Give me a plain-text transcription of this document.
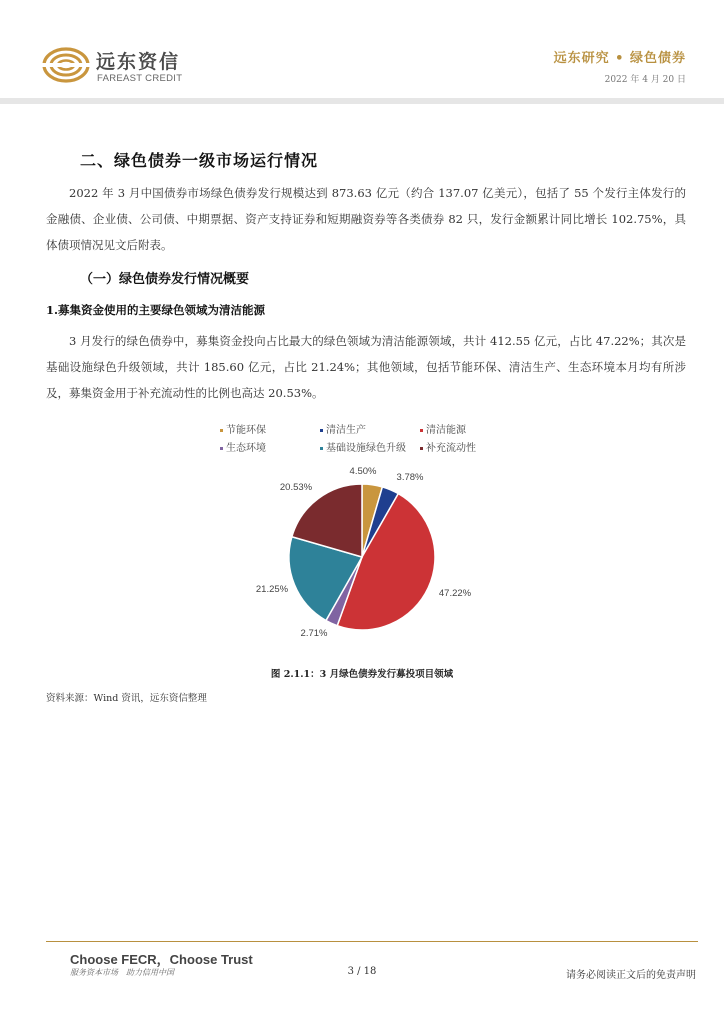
远东资信
FAREAST CREDIT
远东研究 • 绿色债券
2022 年 4 月 20 日
二、绿色债券一级市场运行情况
2022 年 3 月中国债券市场绿色债券发行规模达到 873.63 亿元（约合 137.07 亿美元），包括了 55 个发行主体发行的金融债、企业债、公司债、中期票据、资产支持证券和短期融资券等各类债券 82 只，发行金额累计同比增长 102.75%，具体债项情况见文后附表。
（一）绿色债券发行情况概要
1.募集资金使用的主要绿色领域为清洁能源
3 月发行的绿色债券中，募集资金投向占比最大的绿色领域为清洁能源领域，共计 412.55 亿元，占比 47.22%；其次是基础设施绿色升级领域，共计 185.60 亿元，占比 21.24%；其他领域，包括节能环保、清洁生产、生态环境本月均有所涉及，募集资金用于补充流动性的比例也高达 20.53%。
节能环保	清洁生产	清洁能源
生态环境	基础设施绿色升级 补充流动性
4.50%
3.78%
47.22%
2.71%
21.25%
20.53%
图 2.1.1：3 月绿色债券发行募投项目领域
资料来源：Wind 资讯，远东资信整理
Choose FECR，Choose Trust
服务资本市场　助力信用中国	3 / 18	请务必阅读正文后的免责声明
